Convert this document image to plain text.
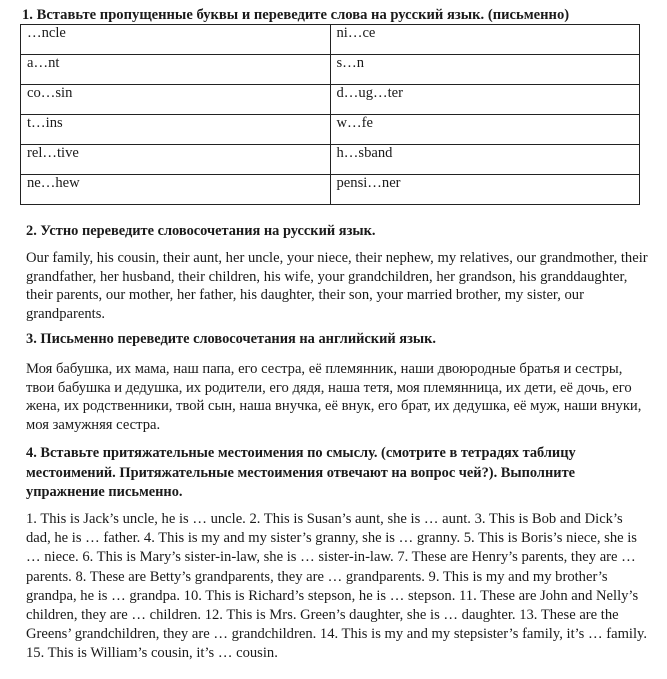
1. Вставьте пропущенные буквы и переведите слова на русский язык. (письменно)
…ncle	ni…ce
a…nt	s…n
co…sin	d…ug…ter
t…ins	w…fe
rel…tive	h…sband
ne…hew	pensi…ner
2. Устно переведите словосочетания на русский язык.
Our family, his cousin, their aunt, her uncle, your niece, their nephew, my relatives, our grandmother, their grandfather, her husband, their children, his wife, your grandchildren, her grandson, his granddaughter, their parents, our mother, her father, his daughter, their son, your married brother, my sister, our grandparents.
3. Письменно переведите словосочетания на английский язык.
Моя бабушка, их мама, наш папа, его сестра, её племянник, наши двоюродные братья и сестры, твои бабушка и дедушка, их родители, его дядя, наша тетя, моя племянница, их дети, её дочь, его жена, их родственники, твой сын, наша внучка, её внук, его брат, их дедушка, её муж, наши внуки, моя замужняя сестра.
4. Вставьте притяжательные местоимения по смыслу. (смотрите в тетрадях таблицу местоимений. Притяжательные местоимения отвечают на вопрос чей?). Выполните упражнение письменно.
1. This is Jack’s uncle, he is … uncle. 2. This is Susan’s aunt, she is … aunt. 3. This is Bob and Dick’s dad, he is … father. 4. This is my and my sister’s granny, she is … granny. 5. This is Boris’s niece, she is … niece. 6. This is Mary’s sister-in-law, she is … sister-in-law. 7. These are Henry’s parents, they are … parents. 8. These are Betty’s grandparents, they are … grandparents. 9. This is my and my brother’s grandpa, he is … grandpa. 10. This is Richard’s stepson, he is … stepson. 11. These are John and Nelly’s children, they are … children. 12. This is Mrs. Green’s daughter, she is … daughter. 13. These are the Greens’ grandchildren, they are … grandchildren. 14. This is my and my stepsister’s family, it’s … family. 15. This is William’s cousin, it’s … cousin.
